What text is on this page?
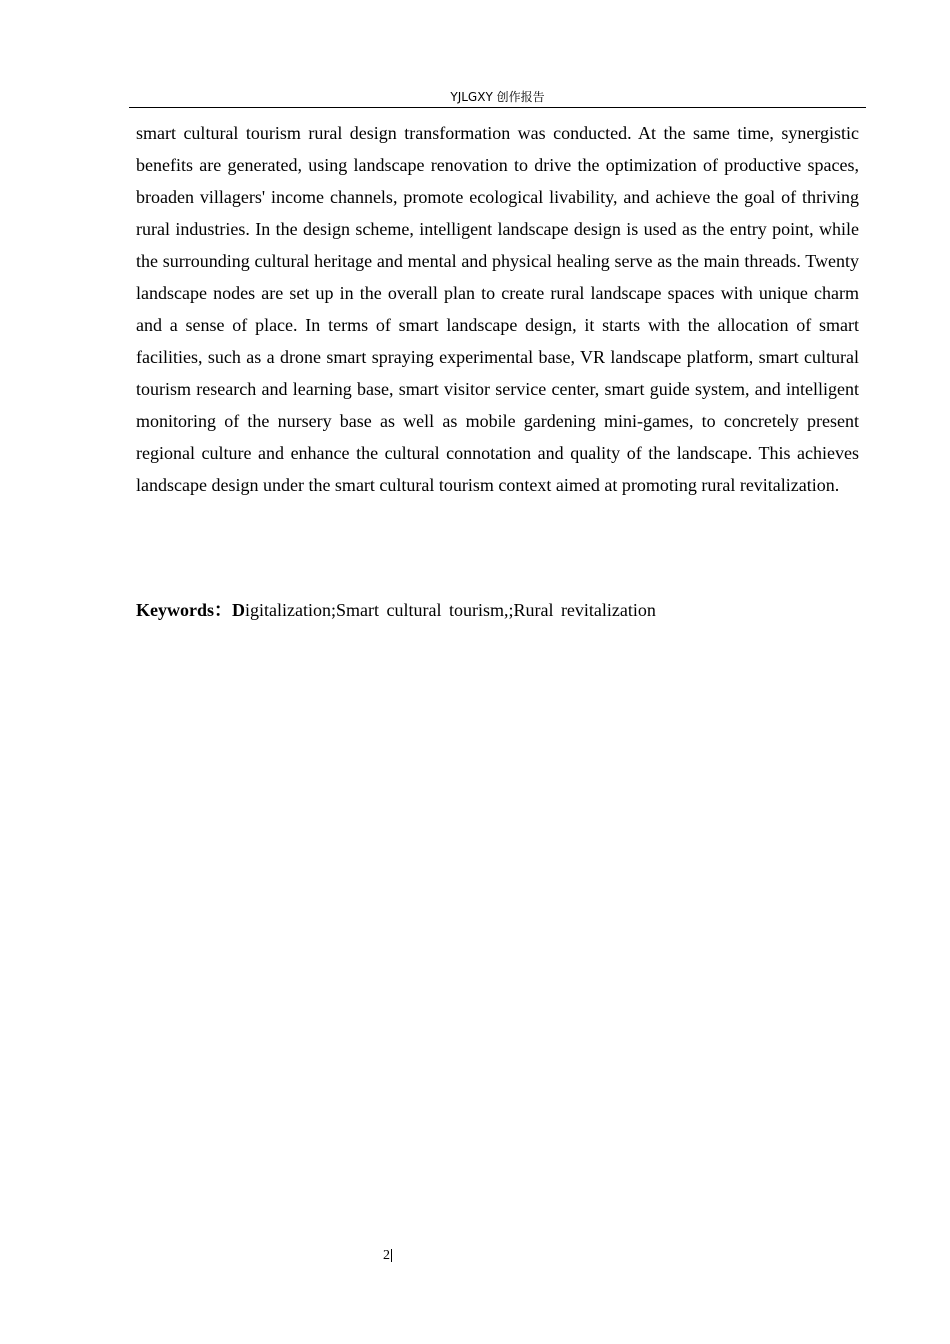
YJLGXY 创作报告

smart cultural tourism rural design transformation was conducted. At the same time, synergistic benefits are generated, using landscape renovation to drive the optimization of productive spaces, broaden villagers' income channels, promote ecological livability, and achieve the goal of thriving rural industries. In the design scheme, intelligent landscape design is used as the entry point, while the surrounding cultural heritage and mental and physical healing serve as the main threads. Twenty landscape nodes are set up in the overall plan to create rural landscape spaces with unique charm and a sense of place. In terms of smart landscape design, it starts with the allocation of smart facilities, such as a drone smart spraying experimental base, VR landscape platform, smart cultural tourism research and learning base, smart visitor service center, smart guide system, and intelligent monitoring of the nursery base as well as mobile gardening mini-games, to concretely present regional culture and enhance the cultural connotation and quality of the landscape. This achieves landscape design under the smart cultural tourism context aimed at promoting rural revitalization.

Keywords：Digitalization;Smart cultural tourism,;Rural revitalization

2
